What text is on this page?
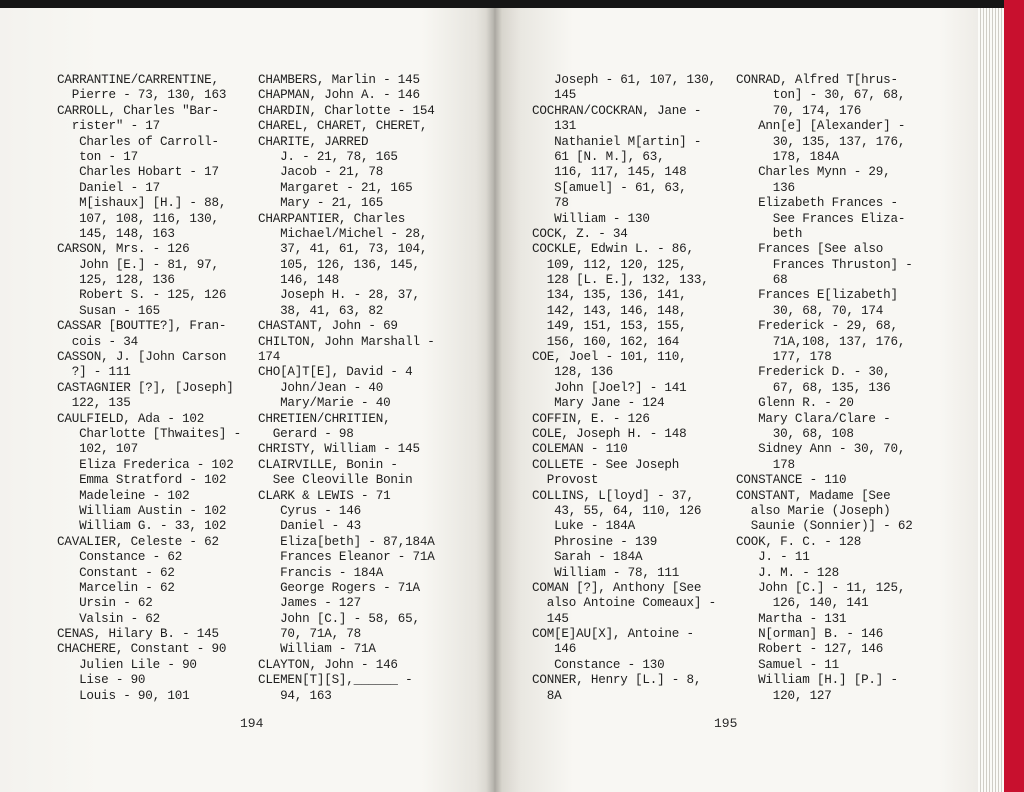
CARRANTINE/CARRENTINE,
Pierre - 73, 130, 163
CARROLL, Charles "Bar-
rister" - 17
Charles of Carroll-
ton - 17
Charles Hobart - 17
Daniel - 17
M[ishaux] [H.] - 88,
107, 108, 116, 130,
145, 148, 163
CARSON, Mrs. - 126
John [E.] - 81, 97,
125, 128, 136
Robert S. - 125, 126
Susan - 165
CASSAR [BOUTTE?], Fran-
cois - 34
CASSON, J. [John Carson
?] - 111
CASTAGNIER [?], [Joseph]
122, 135
CAULFIELD, Ada - 102
Charlotte [Thwaites] -
102, 107
Eliza Frederica - 102
Emma Stratford - 102
Madeleine - 102
William Austin - 102
William G. - 33, 102
CAVALIER, Celeste - 62
Constance - 62
Constant - 62
Marcelin - 62
Ursin - 62
Valsin - 62
CENAS, Hilary B. - 145
CHACHERE, Constant - 90
Julien Lile - 90
Lise - 90
Louis - 90, 101
CHAMBERS, Marlin - 145
CHAPMAN, John A. - 146
CHARDIN, Charlotte - 154
CHAREL, CHARET, CHERET,
CHARITE, JARRED
J. - 21, 78, 165
Jacob - 21, 78
Margaret - 21, 165
Mary - 21, 165
CHARPANTIER, Charles
Michael/Michel - 28,
37, 41, 61, 73, 104,
105, 126, 136, 145,
146, 148
Joseph H. - 28, 37,
38, 41, 63, 82
CHASTANT, John - 69
CHILTON, John Marshall -
174
CHO[A]T[E], David - 4
John/Jean - 40
Mary/Marie - 40
CHRETIEN/CHRITIEN,
Gerard - 98
CHRISTY, William - 145
CLAIRVILLE, Bonin -
See Cleoville Bonin
CLARK & LEWIS - 71
Cyrus - 146
Daniel - 43
Eliza[beth] - 87,184A
Frances Eleanor - 71A
Francis - 184A
George Rogers - 71A
James - 127
John [C.] - 58, 65,
70, 71A, 78
William - 71A
CLAYTON, John - 146
CLEMEN[T][S],______ -
94, 163
194
Joseph - 61, 107, 130,
145
COCHRAN/COCKRAN, Jane -
131
Nathaniel M[artin] -
61 [N. M.], 63,
116, 117, 145, 148
S[amuel] - 61, 63,
78
William - 130
COCK, Z. - 34
COCKLE, Edwin L. - 86,
109, 112, 120, 125,
128 [L. E.], 132, 133,
134, 135, 136, 141,
142, 143, 146, 148,
149, 151, 153, 155,
156, 160, 162, 164
COE, Joel - 101, 110,
128, 136
John [Joel?] - 141
Mary Jane - 124
COFFIN, E. - 126
COLE, Joseph H. - 148
COLEMAN - 110
COLLETE - See Joseph
Provost
COLLINS, L[loyd] - 37,
43, 55, 64, 110, 126
Luke - 184A
Phrosine - 139
Sarah - 184A
William - 78, 111
COMAN [?], Anthony [See
also Antoine Comeaux] -
145
COM[E]AU[X], Antoine -
146
Constance - 130
CONNER, Henry [L.] - 8,
8A
CONRAD, Alfred T[hrus-
ton] - 30, 67, 68,
70, 174, 176
Ann[e] [Alexander] -
30, 135, 137, 176,
178, 184A
Charles Mynn - 29,
136
Elizabeth Frances -
See Frances Eliza-
beth
Frances [See also
Frances Thruston] -
68
Frances E[lizabeth]
30, 68, 70, 174
Frederick - 29, 68,
71A,108, 137, 176,
177, 178
Frederick D. - 30,
67, 68, 135, 136
Glenn R. - 20
Mary Clara/Clare -
30, 68, 108
Sidney Ann - 30, 70,
178
CONSTANCE - 110
CONSTANT, Madame [See
also Marie (Joseph)
Saunie (Sonnier)] - 62
COOK, F. C. - 128
J. - 11
J. M. - 128
John [C.] - 11, 125,
126, 140, 141
Martha - 131
N[orman] B. - 146
Robert - 127, 146
Samuel - 11
William [H.] [P.] -
120, 127
195
